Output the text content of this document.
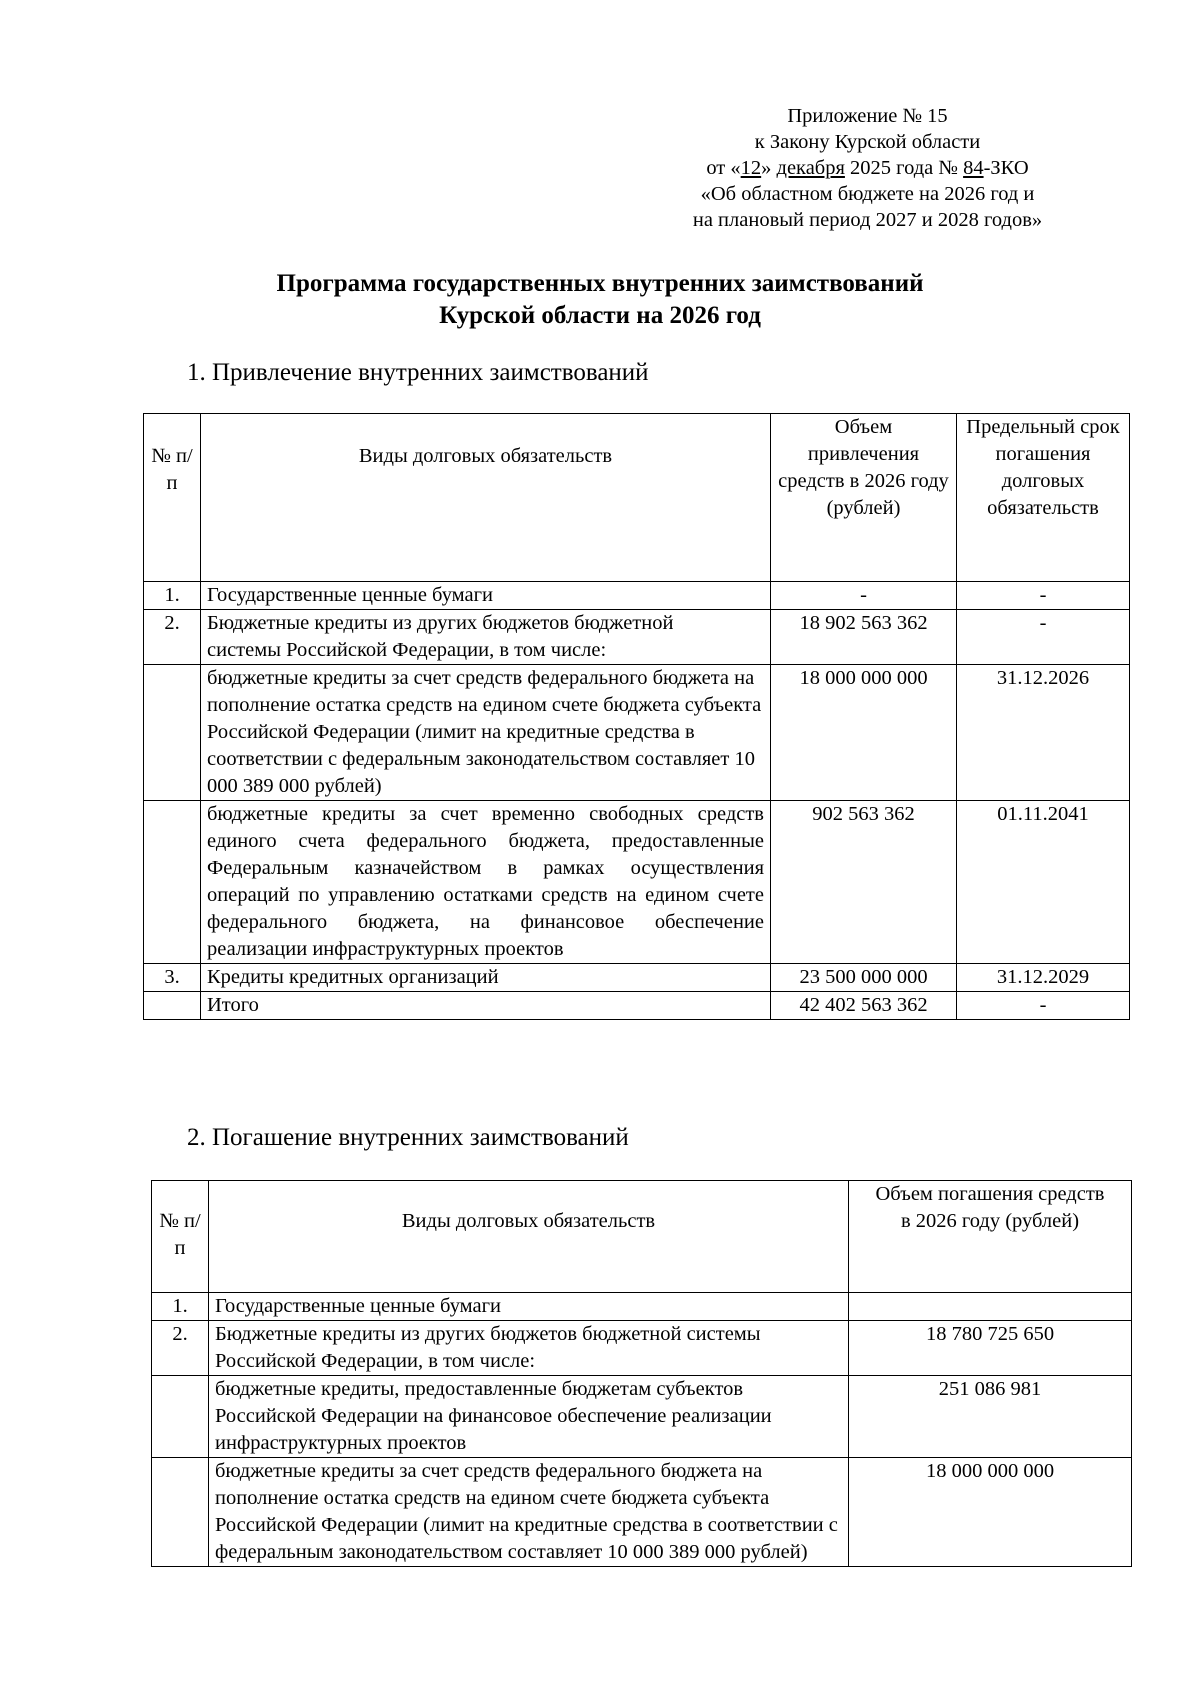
Приложение № 15
к Закону Курской области
от «12» декабря 2025 года № 84-ЗКО
«Об областном бюджете на 2026 год и
на плановый период 2027 и 2028 годов»
Программа государственных внутренних заимствований
Курской области на 2026 год
1. Привлечение внутренних заимствований
№ п/п	Виды долговых обязательств	Объем привлечения средств в 2026 году (рублей)	Предельный срок погашения долговых обязательств
1.	Государственные ценные бумаги	-	-
2.	Бюджетные кредиты из других бюджетов бюджетной системы Российской Федерации, в том числе:	18 902 563 362	-
	бюджетные кредиты за счет средств федерального бюджета на пополнение остатка средств на едином счете бюджета субъекта Российской Федерации (лимит на кредитные средства в соответствии с федеральным законодательством составляет 10 000 389 000 рублей)	18 000 000 000	31.12.2026
	бюджетные кредиты за счет временно свободных средств единого счета федерального бюджета, предоставленные Федеральным казначейством в рамках осуществления операций по управлению остатками средств на едином счете федерального бюджета, на финансовое обеспечение реализации инфраструктурных проектов	902 563 362	01.11.2041
3.	Кредиты кредитных организаций	23 500 000 000	31.12.2029
	Итого	42 402 563 362	-
2. Погашение внутренних заимствований
№ п/п	Виды долговых обязательств	Объем погашения средств в 2026 году (рублей)
1.	Государственные ценные бумаги	
2.	Бюджетные кредиты из других бюджетов бюджетной системы Российской Федерации, в том числе:	18 780 725 650
	бюджетные кредиты, предоставленные бюджетам субъектов Российской Федерации на финансовое обеспечение реализации инфраструктурных проектов	251 086 981
	бюджетные кредиты за счет средств федерального бюджета на пополнение остатка средств на едином счете бюджета субъекта Российской Федерации (лимит на кредитные средства в соответствии с федеральным законодательством составляет 10 000 389 000 рублей)	18 000 000 000
